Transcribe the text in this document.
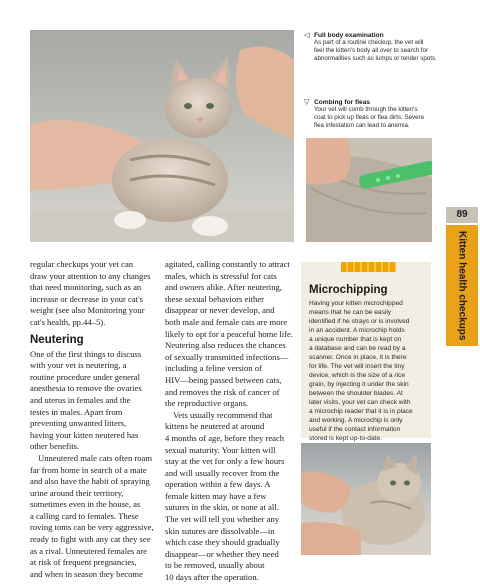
◁ Full body examination
As part of a routine checkup, the vet will
feel the kitten's body all over to search for
abnormalities such as lumps or tender spots.
▽ Combing for fleas
Your vet will comb through the kitten's
coat to pick up fleas or flea dirts. Severe
flea infestation can lead to anemia.
89
Kitten health checkups
regular checkups your vet can
draw your attention to any changes
that need monitoring, such as an
increase or decrease in your cat's
weight (see also Monitoring your
cat's health, pp.44–5).
Neutering
One of the first things to discuss
with your vet is neutering, a
routine procedure under general
anesthesia to remove the ovaries
and uterus in females and the
testes in males. Apart from
preventing unwanted litters,
having your kitten neutered has
other benefits.
Unneutered male cats often roam
far from home in search of a mate
and also have the habit of spraying
urine around their territory,
sometimes even in the house, as
a calling card to females. These
roving toms can be very aggressive,
ready to fight with any cat they see
as a rival. Unneutered females are
at risk of frequent pregnancies,
and when in season they become
agitated, calling constantly to attract
males, which is stressful for cats
and owners alike. After neutering,
these sexual behaviors either
disappear or never develop, and
both male and female cats are more
likely to opt for a peaceful home life.
Neutering also reduces the chances
of sexually transmitted infections—
including a feline version of
HIV—being passed between cats,
and removes the risk of cancer of
the reproductive organs.
Vets usually recommend that
kittens be neutered at around
4 months of age, before they reach
sexual maturity. Your kitten will
stay at the vet for only a few hours
and will usually recover from the
operation within a few days. A
female kitten may have a few
sutures in the skin, or none at all.
The vet will tell you whether any
skin sutures are dissolvable—in
which case they should gradually
disappear—or whether they need
to be removed, usually about
10 days after the operation.
Microchipping
Having your kitten microchipped
means that he can be easily
identified if he strays or is involved
in an accident. A microchip holds
a unique number that is kept on
a database and can be read by a
scanner. Once in place, it is there
for life. The vet will insert the tiny
device, which is the size of a rice
grain, by injecting it under the skin
between the shoulder blades. At
later visits, your vet can check with
a microchip reader that it is in place
and working. A microchip is only
useful if the contact information
stored is kept up-to-date.
